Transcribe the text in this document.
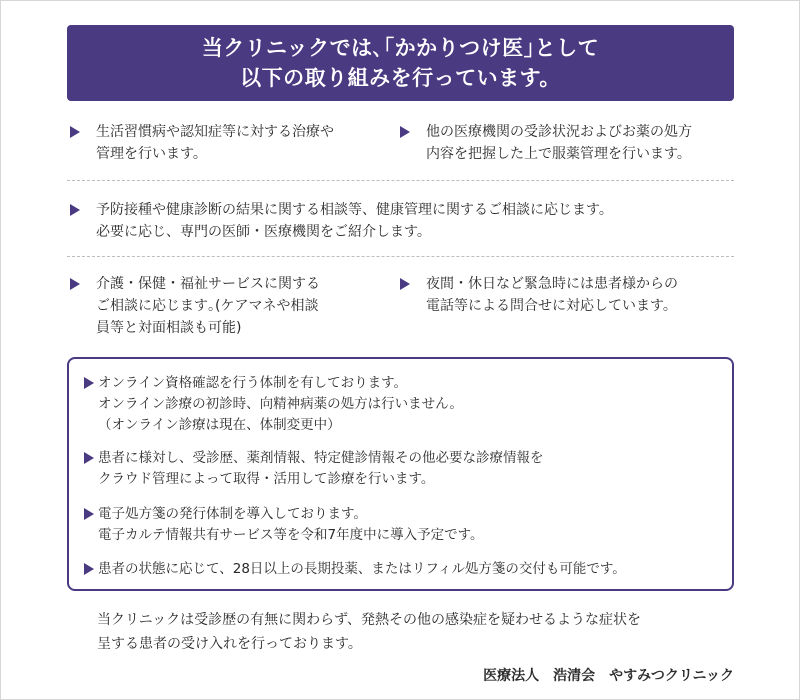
当クリニックでは､｢かかりつけ医｣として
以下の取り組みを行っています。
生活習慣病や認知症等に対する治療や
管理を行います。
他の医療機関の受診状況およびお薬の処方
内容を把握した上で服薬管理を行います。
予防接種や健康診断の結果に関する相談等、健康管理に関するご相談に応じます。
必要に応じ、専門の医師・医療機関をご紹介します。
介護・保健・福祉サービスに関する
ご相談に応じます｡(ケアマネや相談
員等と対面相談も可能)
夜間・休日など緊急時には患者様からの
電話等による問合せに対応しています。
オンライン資格確認を行う体制を有しております。
オンライン診療の初診時、向精神病薬の処方は行いません。
（オンライン診療は現在、体制変更中）
患者に様対し、受診歴、薬剤情報、特定健診情報その他必要な診療情報を
クラウド管理によって取得・活用して診療を行います。
電子処方箋の発行体制を導入しております。
電子カルテ情報共有サービス等を令和7年度中に導入予定です。
患者の状態に応じて、28日以上の長期投薬、またはリフィル処方箋の交付も可能です。
当クリニックは受診歴の有無に関わらず、発熱その他の感染症を疑わせるような症状を
呈する患者の受け入れを行っております。
医療法人　浩清会　やすみつクリニック
